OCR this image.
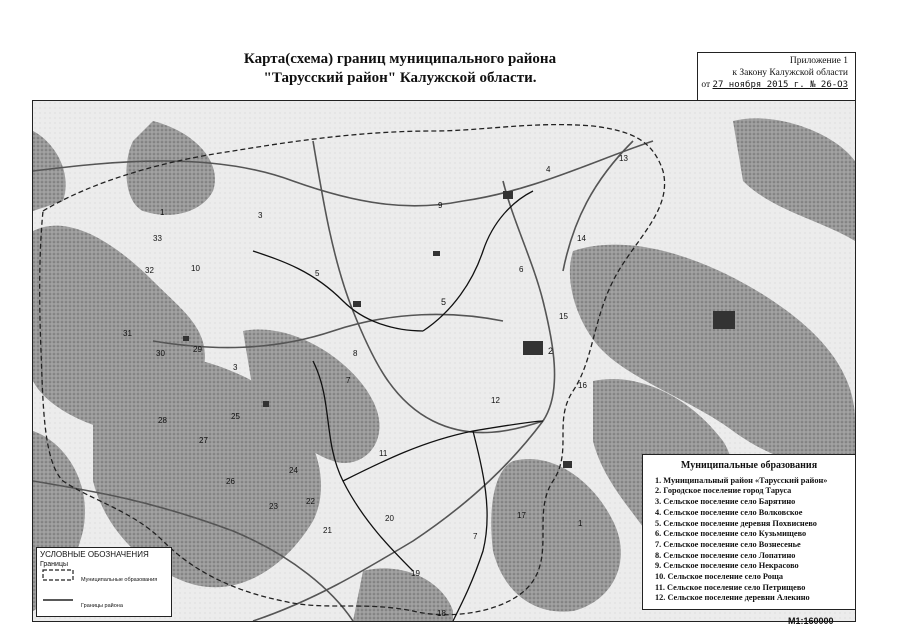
Карта(схема) границ муниципального района
"Тарусский район" Калужской области.
Приложение 1
к Закону Калужской области
от 27 ноября 2015 г. № 26-ОЗ
1
1
2
3
3
4
5
5
6
7
7
8
9
10
11
12
13
14
15
16
17
18
19
20
21
22
23
24
25
26
27
28
29
30
31
32
33
Муниципальные образования
1. Муниципальный район «Тарусский район»
2. Городское поселение город Таруса
3. Сельское поселение село Барятино
4. Сельское поселение село Волковское
5. Сельское поселение деревня Похвиснево
6. Сельское поселение село Кузьмищево
7. Сельское поселение село Вознесенье
8. Сельское поселение село Лопатино
9. Сельское поселение село Некрасово
10. Сельское поселение село Роща
11. Сельское поселение село Петрищево
12. Сельское поселение деревни Алекино
УСЛОВНЫЕ ОБОЗНАЧЕНИЯ
Границы
Муниципальные образования
Границы района
М1:160000
